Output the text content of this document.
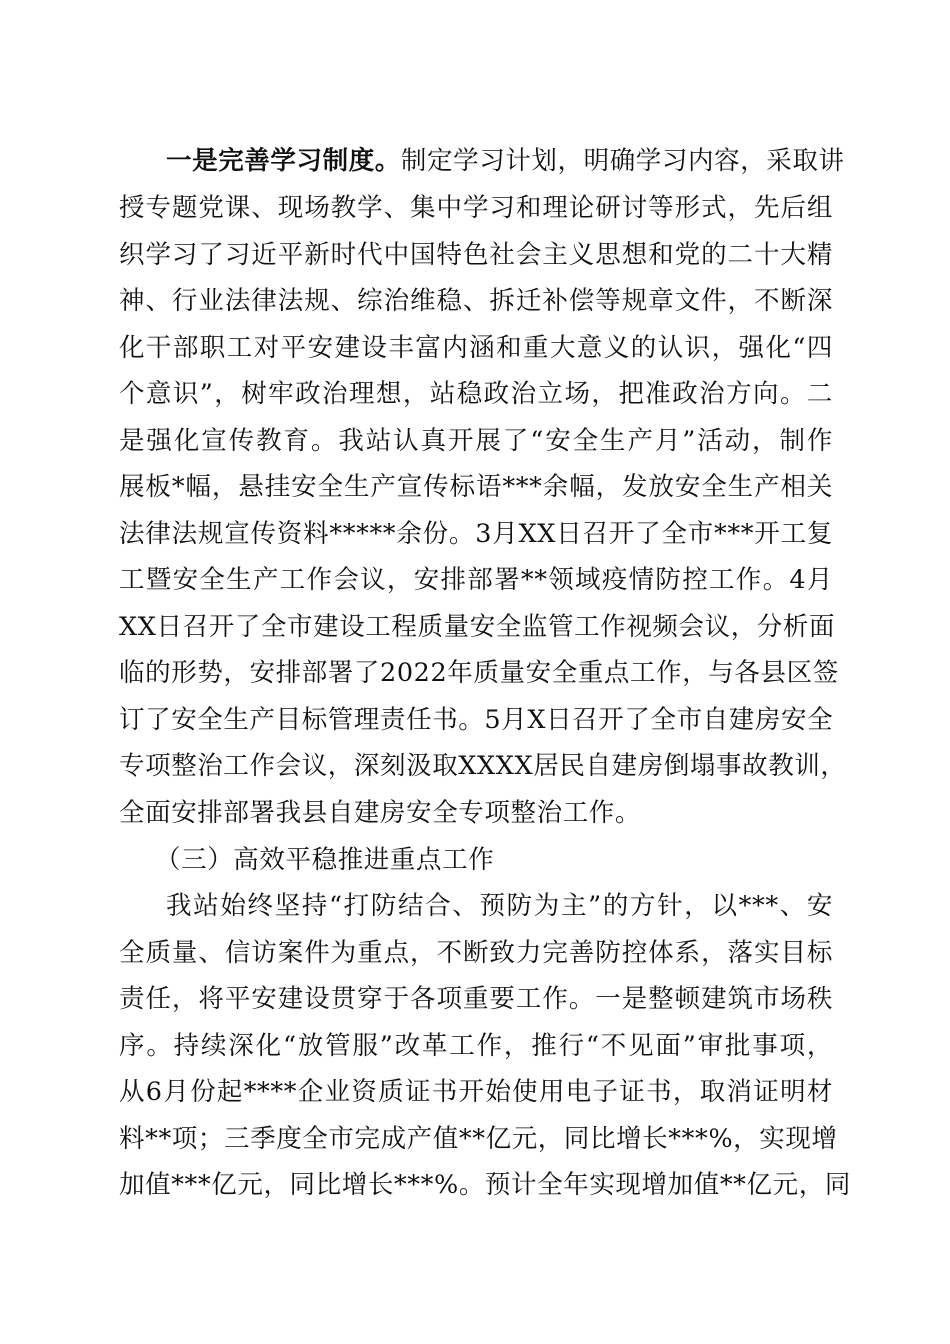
一是完善学习制度。制定学习计划，明确学习内容，采取讲
授专题党课、现场教学、集中学习和理论研讨等形式，先后组
织学习了习近平新时代中国特色社会主义思想和党的二十大精
神、行业法律法规、综治维稳、拆迁补偿等规章文件，不断深
化干部职工对平安建设丰富内涵和重大意义的认识，强化“四
个意识”，树牢政治理想，站稳政治立场，把准政治方向。二
是强化宣传教育。我站认真开展了“安全生产月”活动，制作
展板*幅，悬挂安全生产宣传标语***余幅，发放安全生产相关
法律法规宣传资料*****余份。3月XX日召开了全市***开工复
工暨安全生产工作会议，安排部署**领域疫情防控工作。4月
XX日召开了全市建设工程质量安全监管工作视频会议，分析面
临的形势，安排部署了2022年质量安全重点工作，与各县区签
订了安全生产目标管理责任书。5月X日召开了全市自建房安全
专项整治工作会议，深刻汲取XXXX居民自建房倒塌事故教训，
全面安排部署我县自建房安全专项整治工作。
（三）高效平稳推进重点工作
我站始终坚持“打防结合、预防为主”的方针，以***、安
全质量、信访案件为重点，不断致力完善防控体系，落实目标
责任，将平安建设贯穿于各项重要工作。一是整顿建筑市场秩
序。持续深化“放管服”改革工作，推行“不见面”审批事项，
从6月份起****企业资质证书开始使用电子证书，取消证明材
料**项；三季度全市完成产值**亿元，同比增长***%，实现增
加值***亿元，同比增长***%。预计全年实现增加值**亿元，同
